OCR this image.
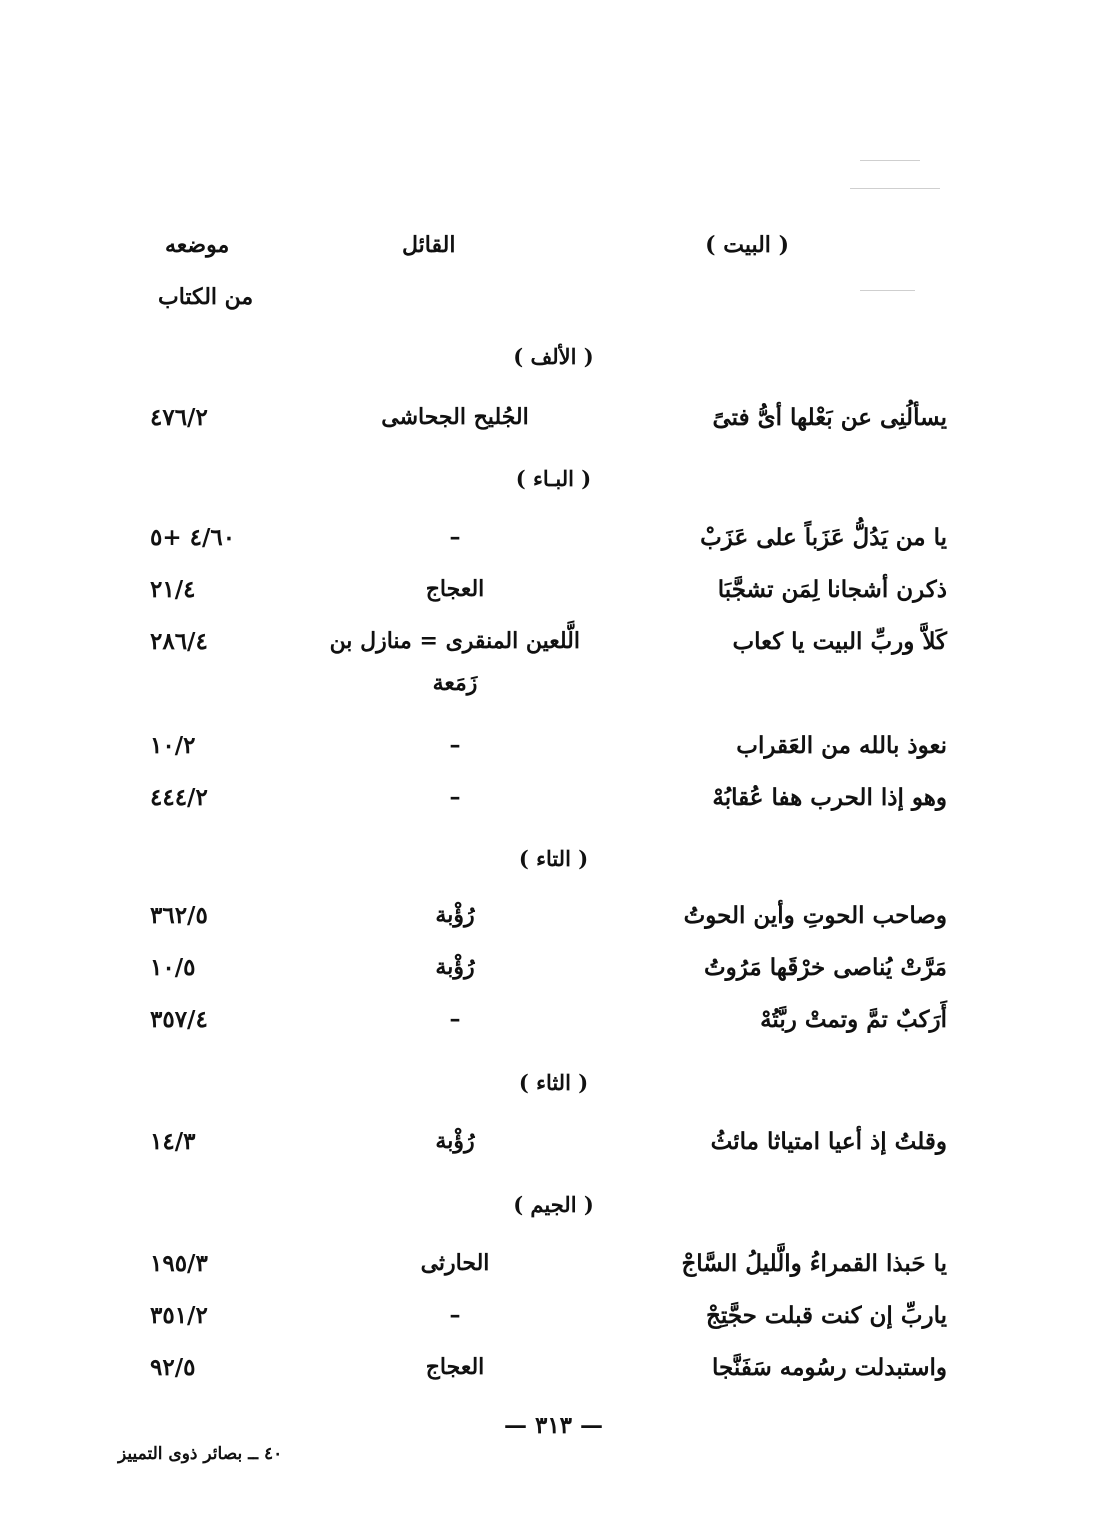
( البيت )
القائل
موضعه
من الكتاب
( الألف )
يسألُنِى عن بَعْلها أىُّ فتىً
الجُليح الجحاشى
٤٧٦/٢
( البـاء )
يا من يَدُلُّ عَزَباً على عَزَبْ
–
٤/٦٠ +٥
ذكرن أشجانا لِمَن تشجَّبَا
العجاج
٢١/٤
كَلاَّ وربِّ البيت يا كعاب
الَّلعين المنقرى = منازل بن
زَمَعة
٢٨٦/٤
نعوذ بالله من العَقراب
–
١٠/٢
وهو إذا الحرب هفا عُقابُهْ
–
٤٤٤/٢
( التاء )
وصاحب الحوتِ وأين الحوتُ
رُؤْبة
٣٦٢/٥
مَرَّتْ يُناصى خرْقَها مَرُوتُ
رُؤْبة
١٠/٥
أَرَكبٌ تمَّ وتمتْ ربَّتُهْ
–
٣٥٧/٤
( الثاء )
وقلتُ إذ أعيا امتياثا مائثُ
رُؤْبة
١٤/٣
( الجيم )
يا حَبذا القمراءُ والَّليلُ السَّاجْ
الحارثى
١٩٥/٣
ياربِّ إن كنت قبلت حجَّتِجْ
–
٣٥١/٢
واستبدلت رسُومه سَفَنَّجا
العجاج
٩٢/٥
— ٣١٣ —
٤٠ ــ بصائر ذوى التمييز
